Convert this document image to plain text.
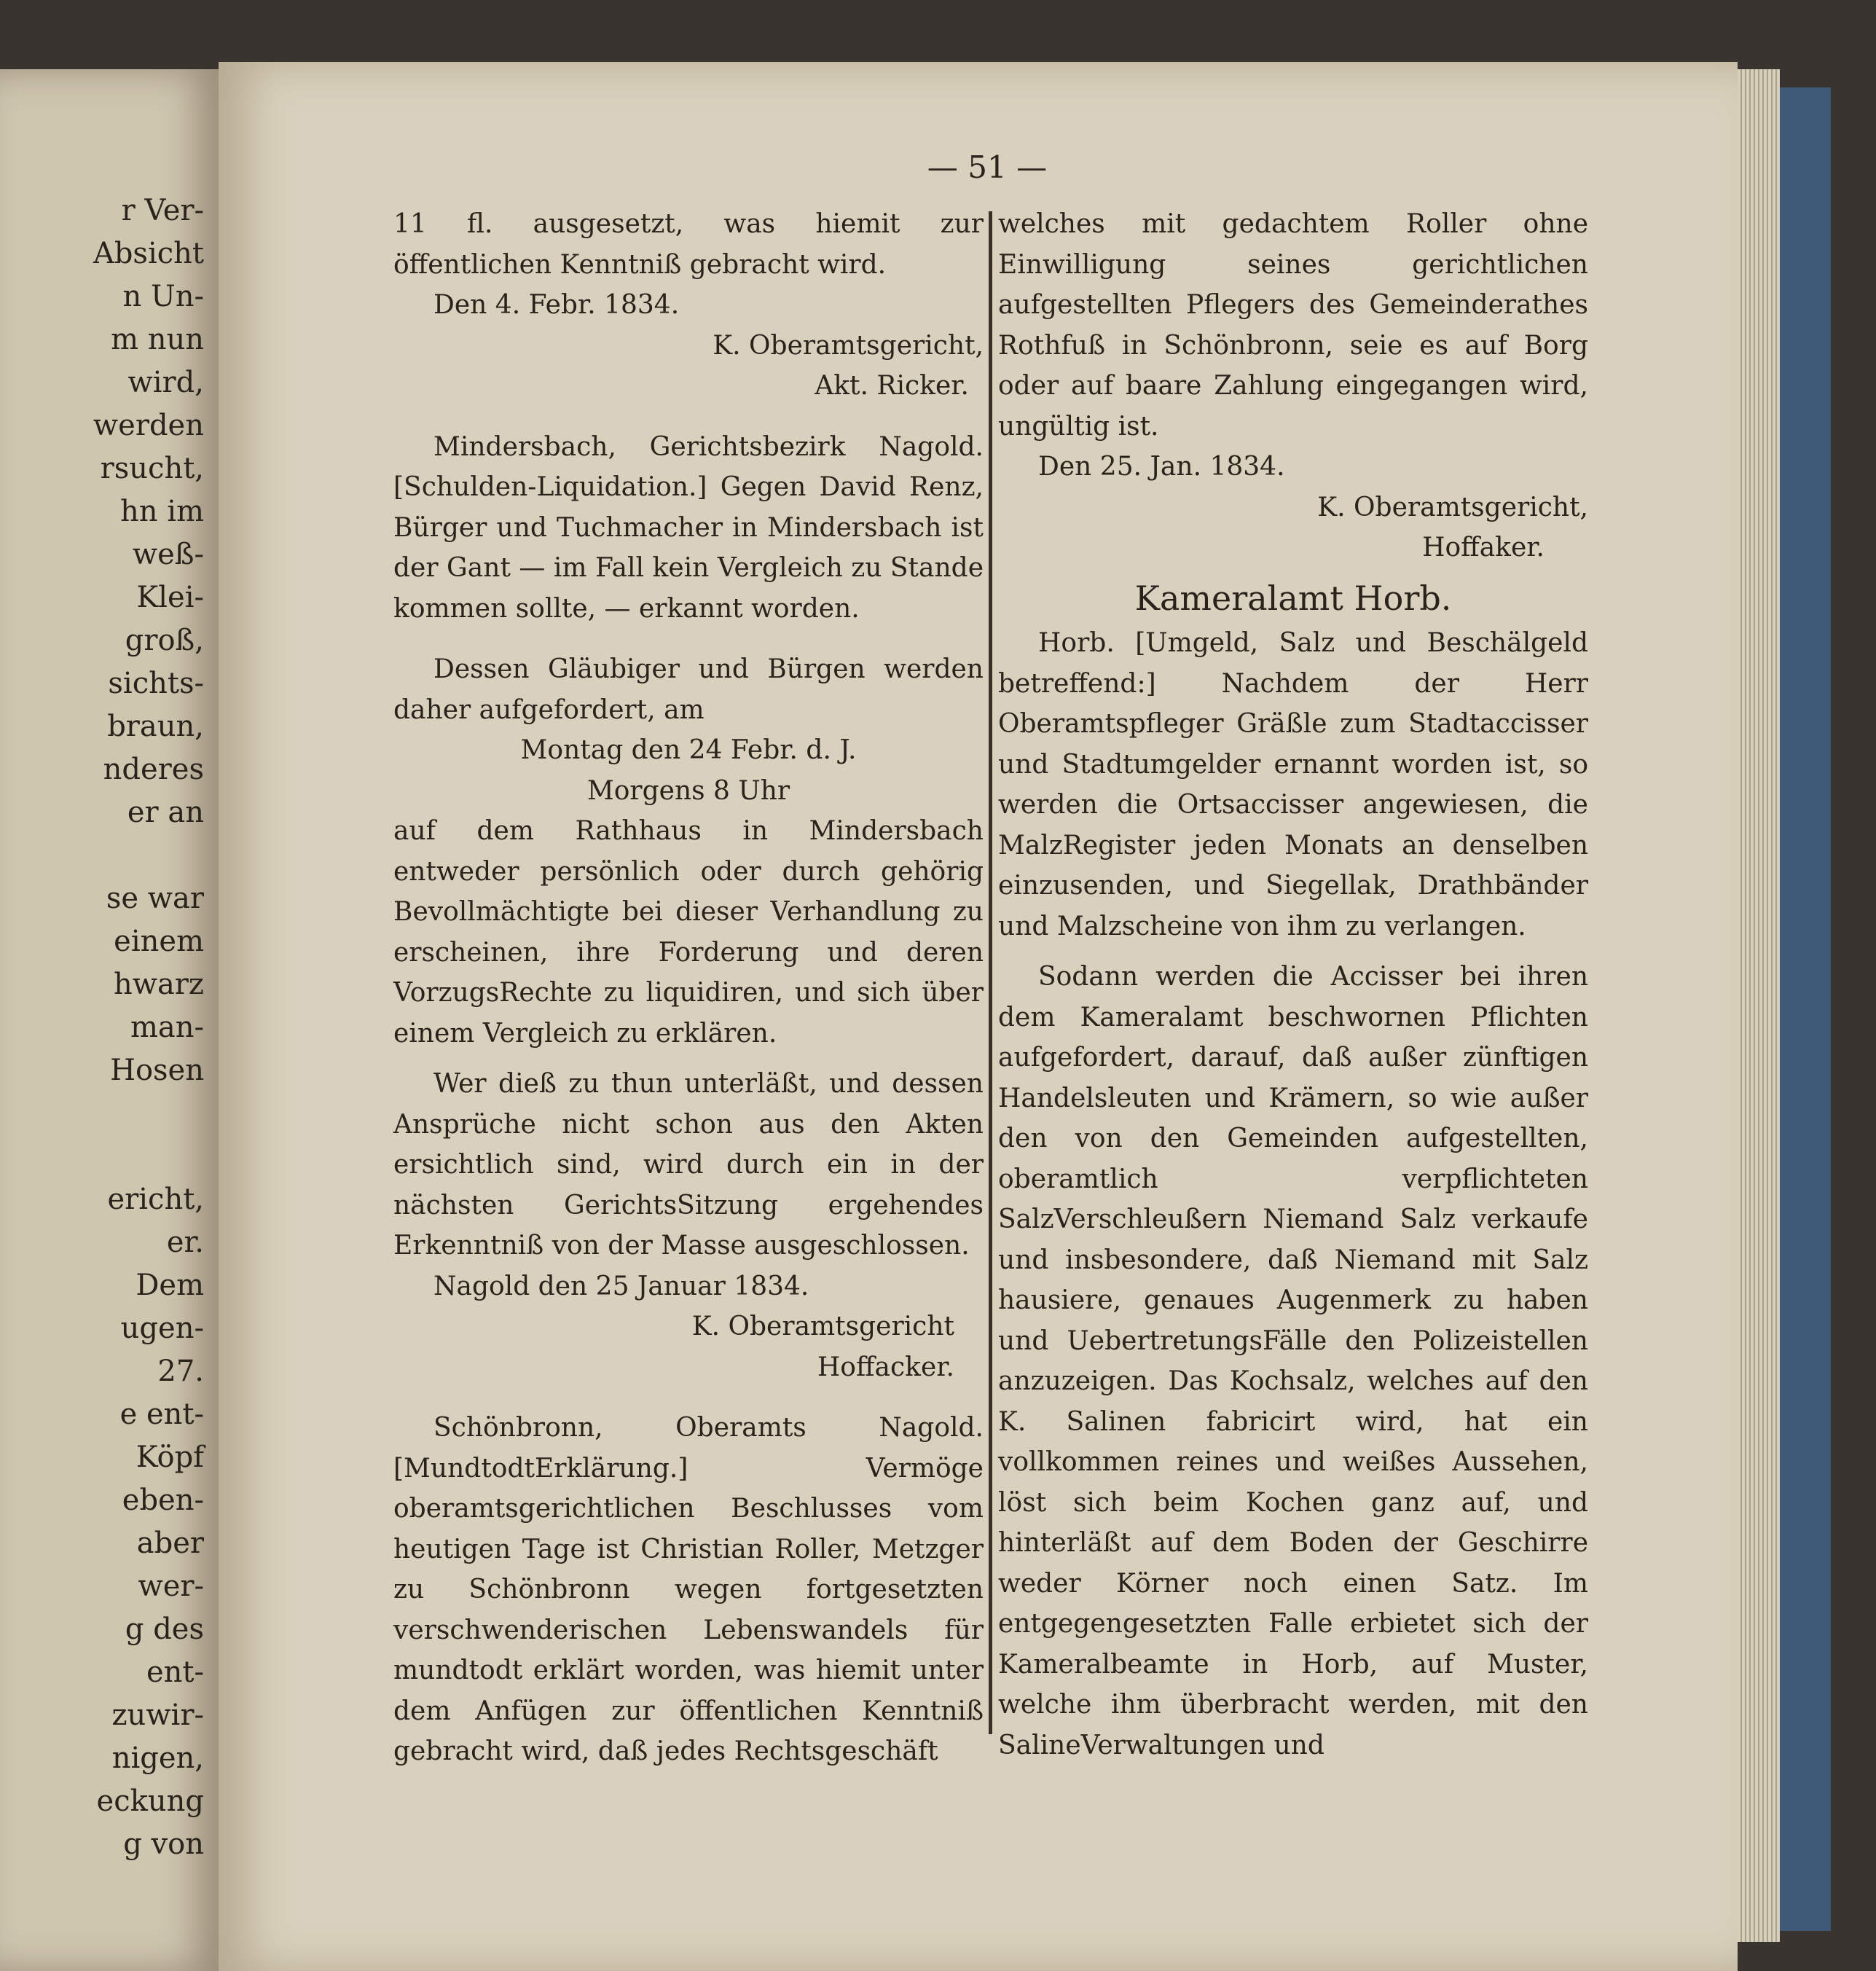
r Ver-
Absicht
n Un-
m nun
wird,
werden
rsucht,
hn im
weß-
Klei-
groß,
sichts-
braun,
nderes
er an

se war
einem
hwarz
man-
Hosen

ericht,
er.
Dem
ugen-
27.
e ent-
Köpf
eben-
aber
wer-
g des
ent-
zuwir-
nigen,
eckung
g von
— 51 —

11 fl. ausgesetzt, was hiemit zur öffentlichen Kenntniß gebracht wird.

Den 4. Febr. 1834.

K. Oberamtsgericht,

Akt. Ricker.

Mindersbach, Gerichtsbezirk Nagold. [Schulden-Liquidation.] Gegen David Renz, Bürger und Tuchmacher in Mindersbach ist der Gant — im Fall kein Vergleich zu Stande kommen sollte, — erkannt worden.

Dessen Gläubiger und Bürgen werden daher aufgefordert, am

Montag den 24 Febr. d. J.

Morgens 8 Uhr

auf dem Rathhaus in Mindersbach entweder persönlich oder durch gehörig Bevollmächtigte bei dieser Verhandlung zu erscheinen, ihre Forderung und deren VorzugsRechte zu liquidiren, und sich über einem Vergleich zu erklären.

Wer dieß zu thun unterläßt, und dessen Ansprüche nicht schon aus den Akten ersichtlich sind, wird durch ein in der nächsten GerichtsSitzung ergehendes Erkenntniß von der Masse ausgeschlossen.

Nagold den 25 Januar 1834.

K. Oberamtsgericht

Hoffacker.

Schönbronn, Oberamts Nagold. [MundtodtErklärung.] Vermöge oberamtsgerichtlichen Beschlusses vom heutigen Tage ist Christian Roller, Metzger zu Schönbronn wegen fortgesetzten verschwenderischen Lebenswandels für mundtodt erklärt worden, was hiemit unter dem Anfügen zur öffentlichen Kenntniß gebracht wird, daß jedes Rechtsgeschäft

welches mit gedachtem Roller ohne Einwilligung seines gerichtlichen aufgestellten Pflegers des Gemeinderathes Rothfuß in Schönbronn, seie es auf Borg oder auf baare Zahlung eingegangen wird, ungültig ist.

Den 25. Jan. 1834.

K. Oberamtsgericht,

Hoffaker.

Kameralamt Horb.

Horb. [Umgeld, Salz und Beschälgeld betreffend:] Nachdem der Herr Oberamtspfleger Gräßle zum Stadtaccisser und Stadtumgelder ernannt worden ist, so werden die Ortsaccisser angewiesen, die MalzRegister jeden Monats an denselben einzusenden, und Siegellak, Drathbänder und Malzscheine von ihm zu verlangen.

Sodann werden die Accisser bei ihren dem Kameralamt beschwornen Pflichten aufgefordert, darauf, daß außer zünftigen Handelsleuten und Krämern, so wie außer den von den Gemeinden aufgestellten, oberamtlich verpflichteten SalzVerschleußern Niemand Salz verkaufe und insbesondere, daß Niemand mit Salz hausiere, genaues Augenmerk zu haben und UebertretungsFälle den Polizeistellen anzuzeigen. Das Kochsalz, welches auf den K. Salinen fabricirt wird, hat ein vollkommen reines und weißes Aussehen, löst sich beim Kochen ganz auf, und hinterläßt auf dem Boden der Geschirre weder Körner noch einen Satz. Im entgegengesetzten Falle erbietet sich der Kameralbeamte in Horb, auf Muster, welche ihm überbracht werden, mit den SalineVerwaltungen und
